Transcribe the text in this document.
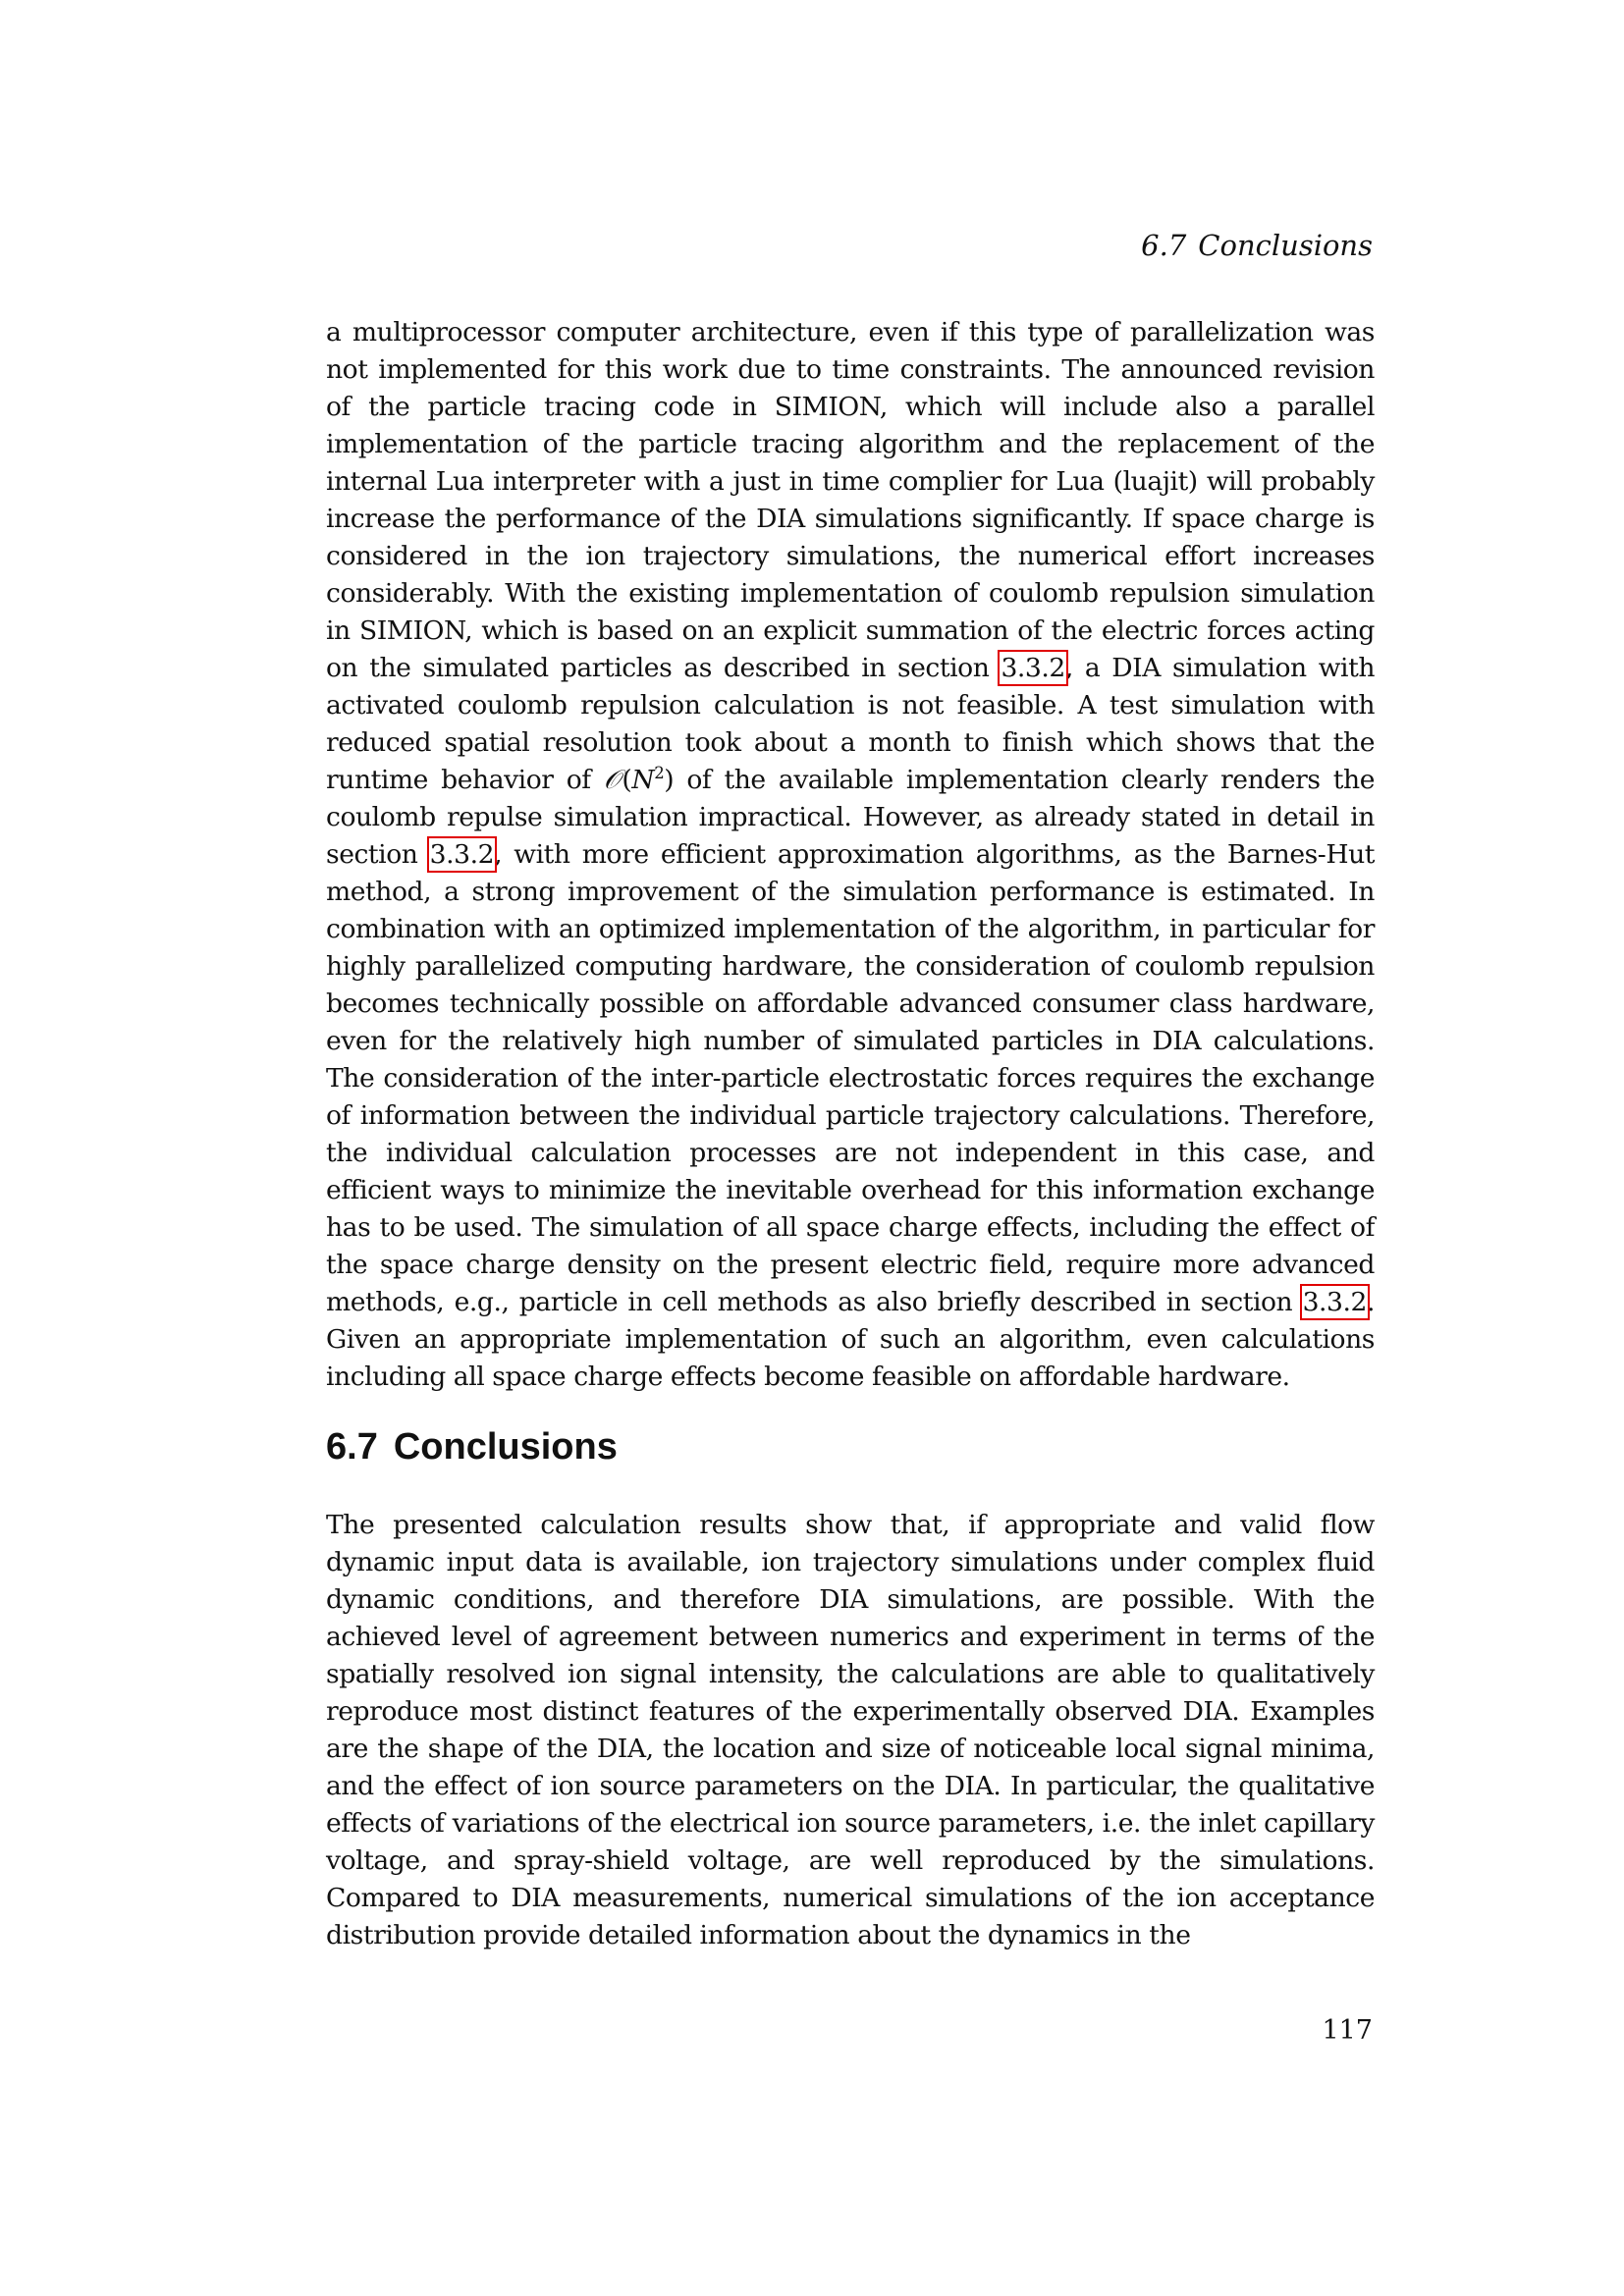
6.7 Conclusions
a multiprocessor computer architecture, even if this type of parallelization was not implemented for this work due to time constraints. The announced revision of the particle tracing code in SIMION, which will include also a parallel implementation of the particle tracing algorithm and the replacement of the internal Lua interpreter with a just in time complier for Lua (luajit) will probably increase the performance of the DIA simulations significantly. If space charge is considered in the ion trajectory simulations, the numerical effort increases considerably. With the existing implementation of coulomb repulsion simulation in SIMION, which is based on an explicit summation of the electric forces acting on the simulated particles as described in section 3.3.2, a DIA simulation with activated coulomb repulsion calculation is not feasible. A test simulation with reduced spatial resolution took about a month to finish which shows that the runtime behavior of 𝒪 $(N^2)$ of the available implementation clearly renders the coulomb repulse simulation impractical. However, as already stated in detail in section 3.3.2, with more efficient approximation algorithms, as the Barnes-Hut method, a strong improvement of the simulation performance is estimated. In combination with an optimized implementation of the algorithm, in particular for highly parallelized computing hardware, the consideration of coulomb repulsion becomes technically possible on affordable advanced consumer class hardware, even for the relatively high number of simulated particles in DIA calculations. The consideration of the inter-particle electrostatic forces requires the exchange of information between the individual particle trajectory calculations. Therefore, the individual calculation processes are not independent in this case, and efficient ways to minimize the inevitable overhead for this information exchange has to be used. The simulation of all space charge effects, including the effect of the space charge density on the present electric field, require more advanced methods, e.g., particle in cell methods as also briefly described in section 3.3.2. Given an appropriate implementation of such an algorithm, even calculations including all space charge effects become feasible on affordable hardware.
6.7 Conclusions
The presented calculation results show that, if appropriate and valid flow dynamic input data is available, ion trajectory simulations under complex fluid dynamic conditions, and therefore DIA simulations, are possible. With the achieved level of agreement between numerics and experiment in terms of the spatially resolved ion signal intensity, the calculations are able to qualitatively reproduce most distinct features of the experimentally observed DIA. Examples are the shape of the DIA, the location and size of noticeable local signal minima, and the effect of ion source parameters on the DIA. In particular, the qualitative effects of variations of the electrical ion source parameters, i.e. the inlet capillary voltage, and spray-shield voltage, are well reproduced by the simulations. Compared to DIA measurements, numerical simulations of the ion acceptance distribution provide detailed information about the dynamics in the
117
